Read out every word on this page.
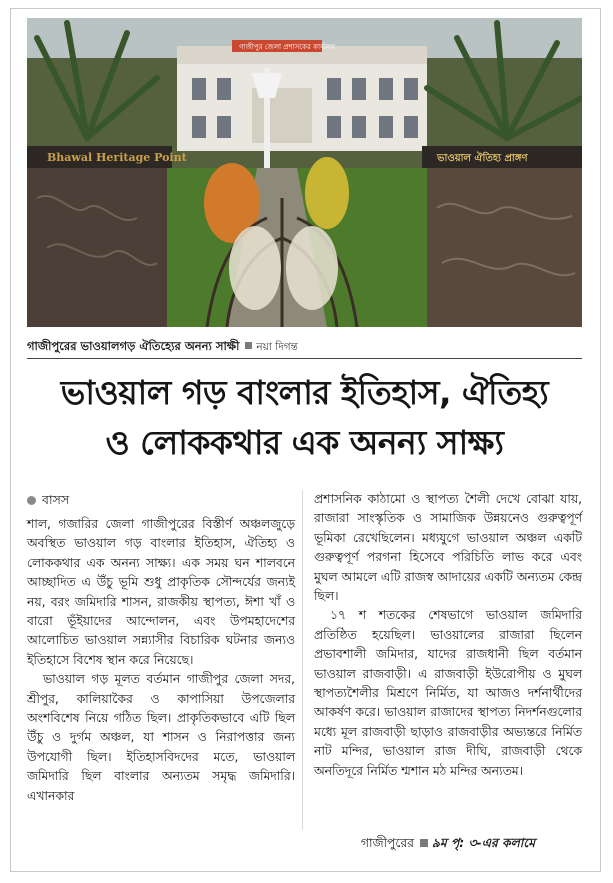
Bhawal Heritage Point	ভাওয়াল ঐতিহ্য প্রাঙ্গণ
গাজীপুর জেলা প্রশাসকের কার্যালয়
গাজীপুরের ভাওয়ালগড় ঐতিহ্যের অনন্য সাক্ষী নয়া দিগন্ত
ভাওয়াল গড় বাংলার ইতিহাস, ঐতিহ্য
ও লোককথার এক অনন্য সাক্ষ্য
বাসস

শাল, গজারির জেলা গাজীপুরের বিস্তীর্ণ অঞ্চলজুড়ে অবস্থিত ভাওয়াল গড় বাংলার ইতিহাস, ঐতিহ্য ও লোককথার এক অনন্য সাক্ষ্য। এক সময় ঘন শালবনে আচ্ছাদিত এ উঁচু ভূমি শুধু প্রাকৃতিক সৌন্দর্যের জন্যই নয়, বরং জমিদারি শাসন, রাজকীয় স্থাপত্য, ঈশা খাঁ ও বারো ভূঁইয়াদের আন্দোলন, এবং উপমহাদেশের আলোচিত ভাওয়াল সন্ন্যাসীর বিচারিক ঘটনার জন্যও ইতিহাসে বিশেষ স্থান করে নিয়েছে।

ভাওয়াল গড় মূলত বর্তমান গাজীপুর জেলা সদর, শ্রীপুর, কালিয়াকৈর ও কাপাসিয়া উপজেলার অংশবিশেষ নিয়ে গঠিত ছিল। প্রাকৃতিকভাবে এটি ছিল উঁচু ও দুর্গম অঞ্চল, যা শাসন ও নিরাপত্তার জন্য উপযোগী ছিল। ইতিহাসবিদদের মতে, ভাওয়াল জমিদারি ছিল বাংলার অন্যতম সমৃদ্ধ জমিদারি। এখানকার

প্রশাসনিক কাঠামো ও স্থাপত্য শৈলী দেখে বোঝা যায়, রাজারা সাংস্কৃতিক ও সামাজিক উন্নয়নেও গুরুত্বপূর্ণ ভূমিকা রেখেছিলেন। মধ্যযুগে ভাওয়াল অঞ্চল একটি গুরুত্বপূর্ণ পরগনা হিসেবে পরিচিতি লাভ করে এবং মুঘল আমলে এটি রাজস্ব আদায়ের একটি অন্যতম কেন্দ্র ছিল।

১৭ শ শতকের শেষভাগে ভাওয়াল জমিদারি প্রতিষ্ঠিত হয়েছিল। ভাওয়ালের রাজারা ছিলেন প্রভাবশালী জমিদার, যাদের রাজধানী ছিল বর্তমান ভাওয়াল রাজবাড়ী। এ রাজবাড়ী ইউরোপীয় ও মুঘল স্থাপত্যশৈলীর মিশ্রণে নির্মিত, যা আজও দর্শনার্থীদের আকর্ষণ করে। ভাওয়াল রাজাদের স্থাপত্য নিদর্শনগুলোর মধ্যে মূল রাজবাড়ী ছাড়াও রাজবাড়ীর অভ্যন্তরে নির্মিত নাট মন্দির, ভাওয়াল রাজ দীঘি, রাজবাড়ী থেকে অনতিদূরে নির্মিত শ্মশান মঠ মন্দির অন্যতম।

গাজীপুরের ৯ম পৃ: ৩-এর কলামে
